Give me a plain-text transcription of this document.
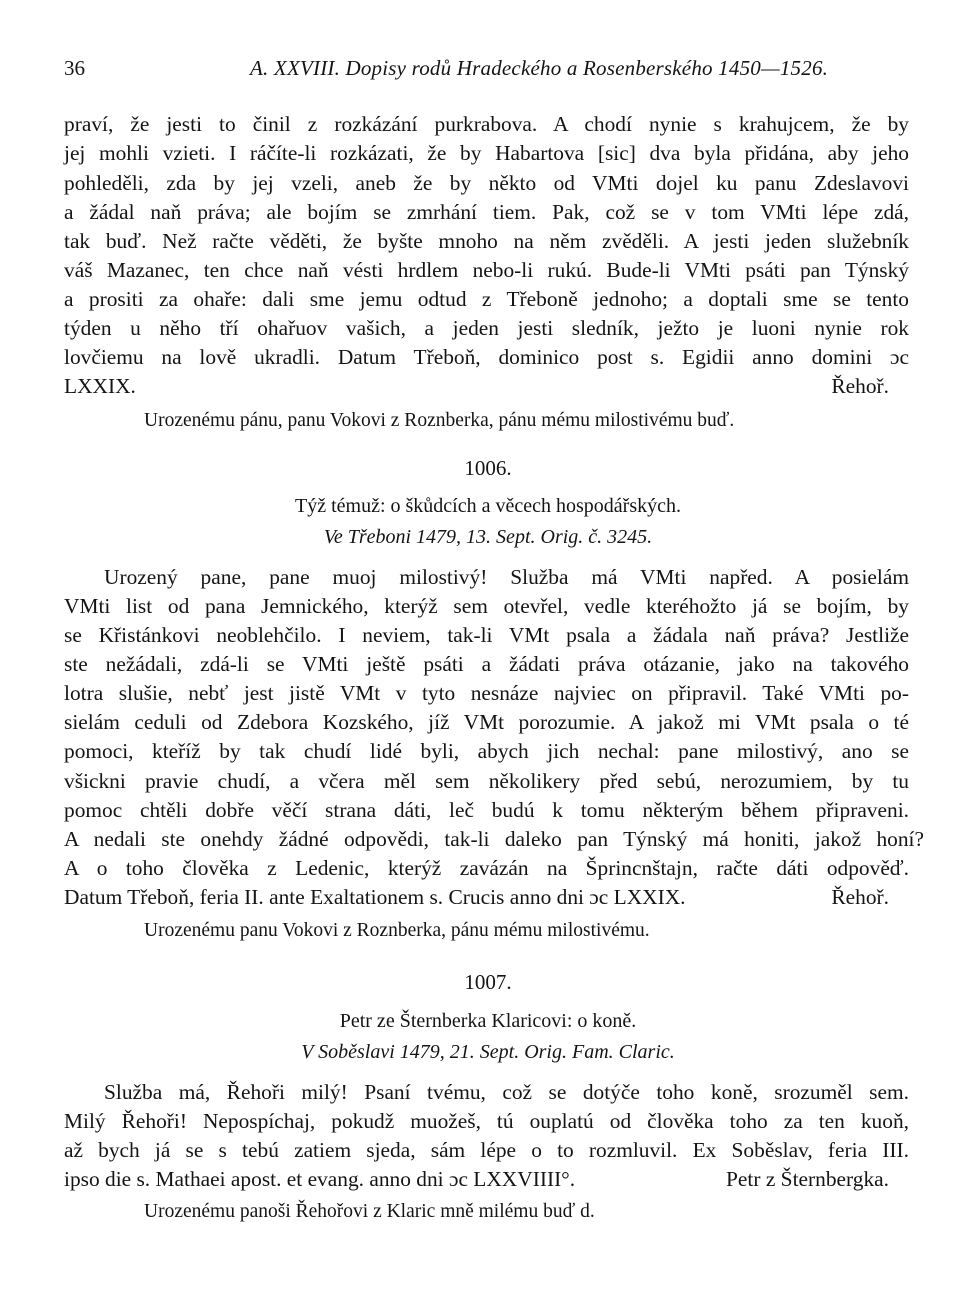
36	A. XXVIII. Dopisy rodů Hradeckého a Rosenberského 1450—1526.
praví, že jesti to činil z rozkázání purkrabova. A chodí nynie s krahujcem, že by
jej mohli vzieti. I ráčíte-li rozkázati, že by Habartova [sic] dva byla přidána, aby jeho
pohleděli, zda by jej vzeli, aneb že by někto od VMti dojel ku panu Zdeslavovi
a žádal naň práva; ale bojím se zmrhání tiem. Pak, což se v tom VMti lépe zdá,
tak buď. Než račte věděti, že byšte mnoho na něm zvěděli. A jesti jeden služebník
váš Mazanec, ten chce naň vésti hrdlem nebo-li rukú. Bude-li VMti psáti pan Týnský
a prositi za ohaře: dali sme jemu odtud z Třeboně jednoho; a doptali sme se tento
týden u něho tří ohařuov vašich, a jeden jesti sledník, ježto je luoni nynie rok
lovčiemu na lově ukradli. Datum Třeboň, dominico post s. Egidii anno domini ɔc
LXXIX.	Řehoř.
Urozenému pánu, panu Vokovi z Roznberka, pánu mému milostivému buď.
1006.
Týž témuž: o škůdcích a věcech hospodářských.
Ve Třeboni 1479, 13. Sept. Orig. č. 3245.
Urozený pane, pane muoj milostivý! Služba má VMti napřed. A posielám
VMti list od pana Jemnického, kterýž sem otevřel, vedle kteréhožto já se bojím, by
se Křistánkovi neoblehčilo. I neviem, tak-li VMt psala a žádala naň práva? Jestliže
ste nežádali, zdá-li se VMti ještě psáti a žádati práva otázanie, jako na takového
lotra slušie, nebť jest jistě VMt v tyto nesnáze najviec on připravil. Také VMti po-
sielám ceduli od Zdebora Kozského, jíž VMt porozumie. A jakož mi VMt psala o té
pomoci, kteříž by tak chudí lidé byli, abych jich nechal: pane milostivý, ano se
všickni pravie chudí, a včera měl sem několikery před sebú, nerozumiem, by tu
pomoc chtěli dobře věčí strana dáti, leč budú k tomu některým během připraveni.
A nedali ste onehdy žádné odpovědi, tak-li daleko pan Týnský má honiti, jakož honí?
A o toho člověka z Ledenic, kterýž zavázán na Šprincnštajn, račte dáti odpověď.
Datum Třeboň, feria II. ante Exaltationem s. Crucis anno dni ɔc LXXIX.	Řehoř.
Urozenému panu Vokovi z Roznberka, pánu mému milostivému.
1007.
Petr ze Šternberka Klaricovi: o koně.
V Soběslavi 1479, 21. Sept. Orig. Fam. Claric.
Služba má, Řehoři milý! Psaní tvému, což se dotýče toho koně, srozuměl sem.
Milý Řehoři! Nepospíchaj, pokudž muožeš, tú ouplatú od člověka toho za ten kuoň,
až bych já se s tebú zatiem sjeda, sám lépe o to rozmluvil. Ex Soběslav, feria III.
ipso die s. Mathaei apost. et evang. anno dni ɔc LXXVIIII°.	Petr z Šternbergka.
Urozenému panoši Řehořovi z Klaric mně milému buď d.
